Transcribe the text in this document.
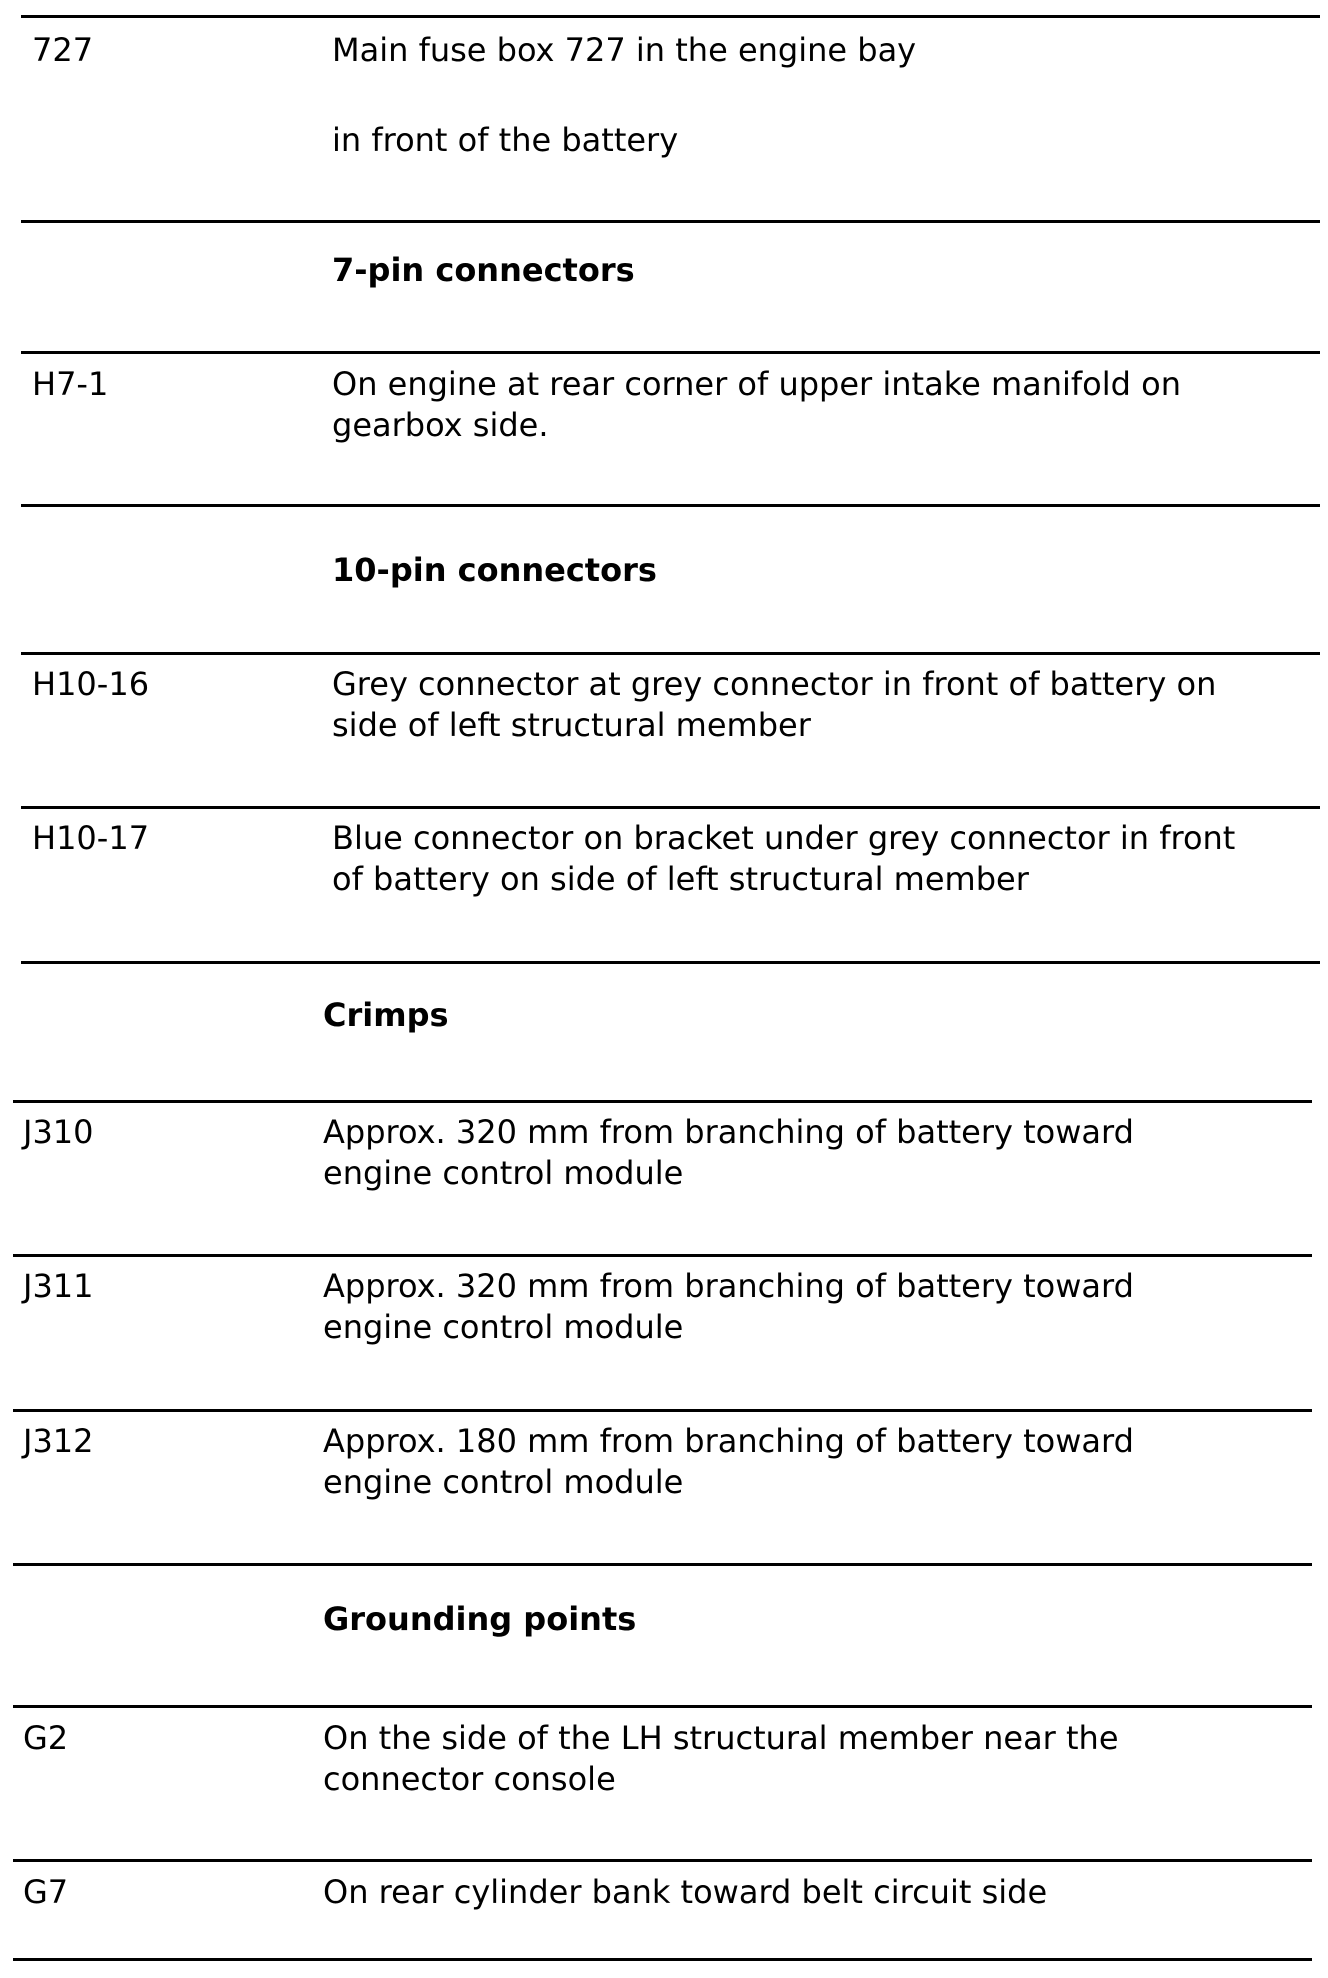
727	Main fuse box 727 in the engine bay
in front of the battery
7-pin connectors
H7-1	On engine at rear corner of upper intake manifold on
gearbox side.
10-pin connectors
H10-16	Grey connector at grey connector in front of battery on
side of left structural member
H10-17	Blue connector on bracket under grey connector in front
of battery on side of left structural member
Crimps
J310	Approx. 320 mm from branching of battery toward
engine control module
J311	Approx. 320 mm from branching of battery toward
engine control module
J312	Approx. 180 mm from branching of battery toward
engine control module
Grounding points
G2	On the side of the LH structural member near the
connector console
G7	On rear cylinder bank toward belt circuit side
